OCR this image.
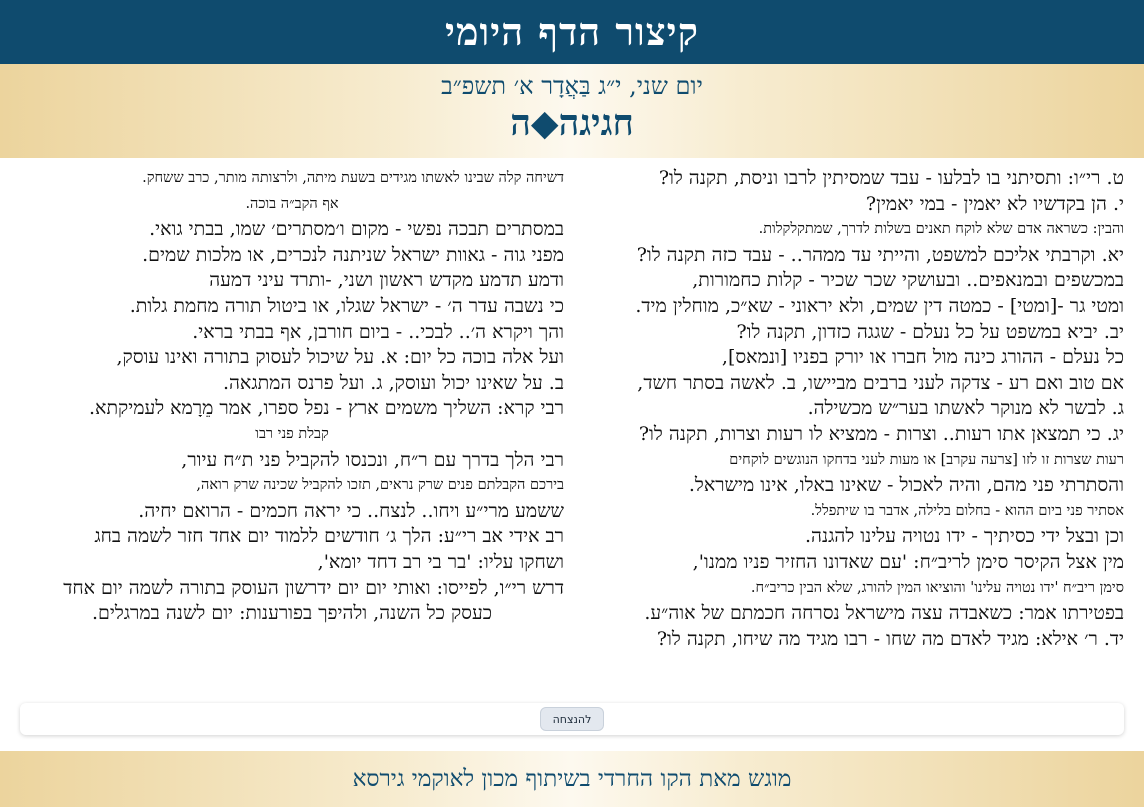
קיצור הדף היומי
יום שני, י״ג בַּאֲדָר א׳ תשפ״ב
חגיגה◆ה
ט. רי״ו: ותסיתני בו לבלעו - עבד שמסיתין לרבו וניסת, תקנה לו?
י. הן בקדשיו לא יאמין - במי יאמין?
והבין: כשראה אדם שלא לוקח תאנים בשלות לדרך, שמתקלקלות.
יא. וקרבתי אליכם למשפט, והייתי עד ממהר.. - עבד כזה תקנה לו?
במכשפים ובמנאפים.. ובעושקי שכר שכיר - קלות כחמורות,
ומטי גר -[ומטי] - כמטה דין שמים, ולא יראוני - שא״כ, מוחלין מיד.
יב. יביא במשפט על כל נעלם - שגגה כזדון, תקנה לו?
כל נעלם - ההורג כינה מול חברו או יורק בפניו [ונמאס],
אם טוב ואם רע - צדקה לעני ברבים מביישו, ב. לאשה בסתר חשד,
ג. לבשר לא מנוקר לאשתו בער״ש מכשילה.
יג. כי תמצאן אתו רעות.. וצרות - ממציא לו רעות וצרות, תקנה לו?
רעות שצרות זו לזו [צרעה עקרב] או מעות לעני בדחקו הנוגשים לוקחים
והסתרתי פני מהם, והיה לאכול - שאינו באלו, אינו מישראל.
אסתיר פני ביום ההוא - בחלום בלילה, אדבר בו שיתפלל.
וכן ובצל ידי כסיתיך - ידו נטויה עלינו להגנה.
מין אצל הקיסר סימן לריב״ח: 'עם שאדונו החזיר פניו ממנו',
סימן ריב״ח 'ידו נטויה עלינו' והוציאו המין להורג, שלא הבין כריב״ח.
בפטירתו אמר: כשאבדה עצה מישראל נסרחה חכמתם של אוה״ע.
יד. ר׳ אילא: מגיד לאדם מה שחו - רבו מגיד מה שיחו, תקנה לו?
דשיחה קלה שבינו לאשתו מגידים בשעת מיתה, ולרצותה מותר, כרב ששחק.
אף הקב״ה בוכה.
במסתרים תבכה נפשי - מקום ו׳מסתרים׳ שמו, בבתי גואי.
מפני גוה - גאוות ישראל שניתנה לנכרים, או מלכות שמים.
ודמע תדמע מקדש ראשון ושני, -ותרד עיני דמעה
כי נשבה עדר ה׳ - ישראל שגלו, או ביטול תורה מחמת גלות.
והך ויקרא ה׳.. לבכי.. - ביום חורבן, אף בבתי בראי.
ועל אלה בוכה כל יום: א. על שיכול לעסוק בתורה ואינו עוסק,
ב. על שאינו יכול ועוסק, ג. ועל פרנס המתגאה.
רבי קרא: השליך משמים ארץ - נפל ספרו, אמר מֵרָמא לעמיקתא.
קבלת פני רבו
רבי הלך בדרך עם ר״ח, ונכנסו להקביל פני ת״ח עיור,
בירכם הקבלתם פנים שרק נראים, תזכו להקביל שכינה שרק רואה,
ששמע מרי״ע ויחו.. לנצח.. כי יראה חכמים - הרואם יחיה.
רב אידי אב רי״ע: הלך ג׳ חודשים ללמוד יום אחד חזר לשמה בחג
ושחקו עליו: 'בר בי רב דחד יומא',
דרש רי״ו, לפייסו: ואותי יום יום ידרשון העוסק בתורה לשמה יום אחד
כעסק כל השנה, ולהיפך בפורענות: יום לשנה במרגלים.
להנצחה
מוגש מאת הקו החרדי בשיתוף מכון לאוקמי גירסא
